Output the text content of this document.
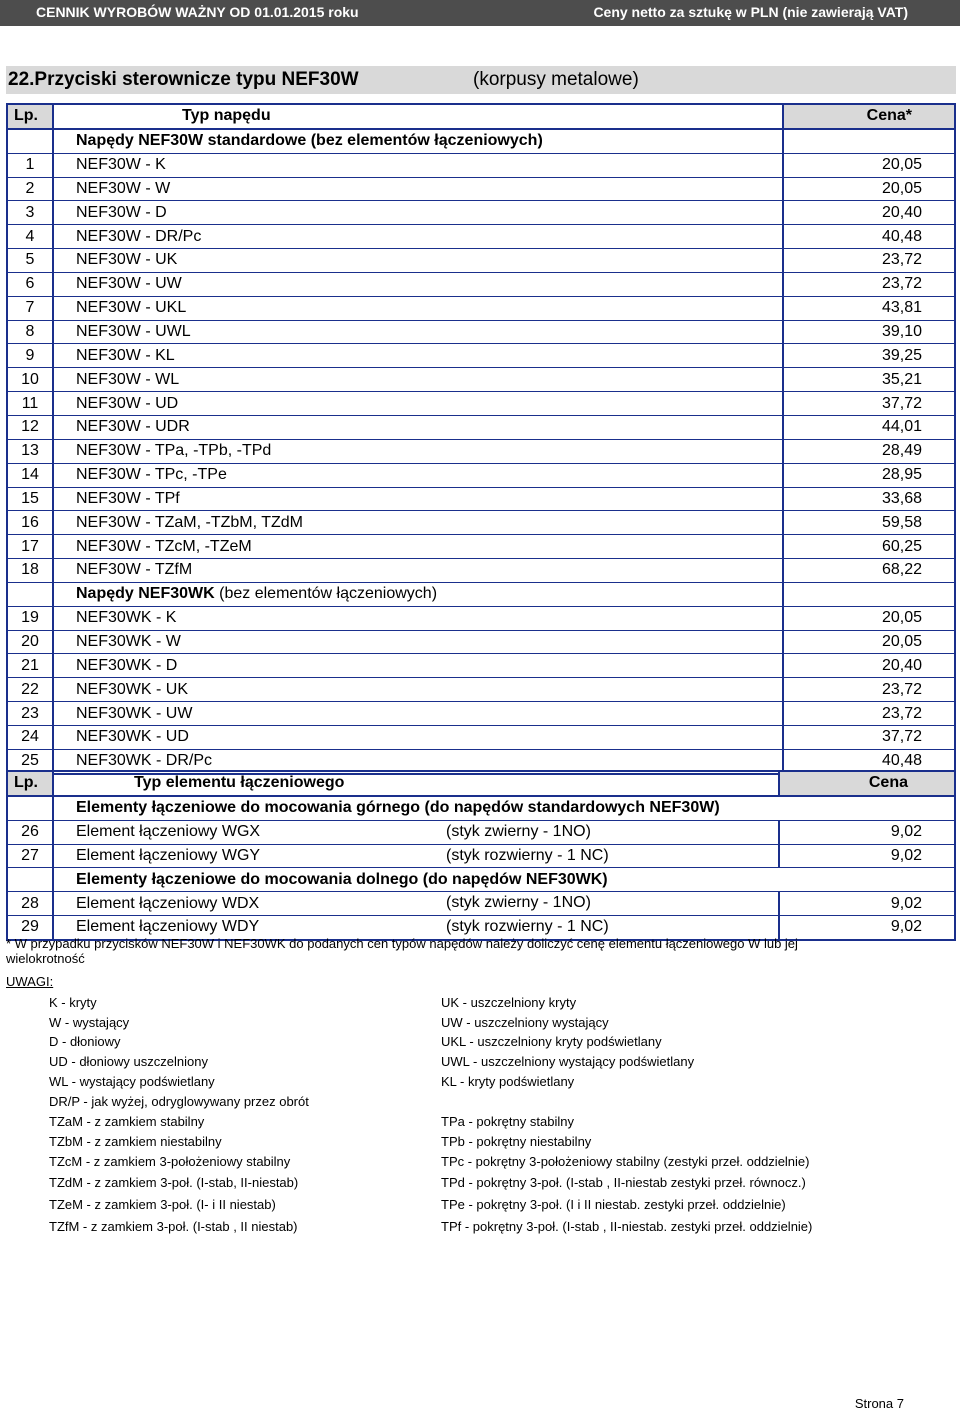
CENNIK WYROBÓW WAŻNY OD 01.01.2015 roku	Ceny netto za sztukę w PLN (nie zawierają VAT)
22.Przyciski sterownicze typu NEF30W	(korpusy metalowe)
Lp.	Typ napędu	Cena*
	Napędy NEF30W standardowe (bez elementów łączeniowych)	
1	NEF30W - K	20,05
2	NEF30W - W	20,05
3	NEF30W - D	20,40
4	NEF30W - DR/Pc	40,48
5	NEF30W - UK	23,72
6	NEF30W - UW	23,72
7	NEF30W - UKL	43,81
8	NEF30W - UWL	39,10
9	NEF30W - KL	39,25
10	NEF30W - WL	35,21
11	NEF30W - UD	37,72
12	NEF30W - UDR	44,01
13	NEF30W - TPa, -TPb, -TPd	28,49
14	NEF30W - TPc, -TPe	28,95
15	NEF30W - TPf	33,68
16	NEF30W - TZaM, -TZbM, TZdM	59,58
17	NEF30W - TZcM, -TZeM	60,25
18	NEF30W - TZfM	68,22
	Napędy NEF30WK (bez elementów łączeniowych)	
19	NEF30WK - K	20,05
20	NEF30WK - W	20,05
21	NEF30WK - D	20,40
22	NEF30WK - UK	23,72
23	NEF30WK - UW	23,72
24	NEF30WK - UD	37,72
25	NEF30WK - DR/Pc	40,48
Lp.	Typ elementu łączeniowego	Cena
	Elementy łączeniowe do mocowania górnego (do napędów standardowych NEF30W)	
26	Element łączeniowy WGX (styk zwierny - 1NO)	9,02
27	Element łączeniowy WGY (styk rozwierny - 1 NC)	9,02
	Elementy łączeniowe do mocowania dolnego (do napędów NEF30WK)	
28	Element łączeniowy WDX (styk zwierny - 1NO)	9,02
29	Element łączeniowy WDY (styk rozwierny - 1 NC)	9,02
* W przypadku przycisków NEF30W i NEF30WK do podanych cen typów napędów należy doliczyć cenę elementu łączeniowego W lub jej
wielokrotność
UWAGI:
K - kryty
W - wystający
D - dłoniowy
UD - dłoniowy uszczelniony
WL - wystający podświetlany
DR/P - jak wyżej, odryglowywany przez obrót
TZaM - z zamkiem stabilny
TZbM - z zamkiem niestabilny
TZcM - z zamkiem 3-położeniowy stabilny
TZdM - z zamkiem 3-poł. (I-stab, II-niestab)
TZeM - z zamkiem 3-poł. (I- i II niestab)
TZfM - z zamkiem 3-poł. (I-stab , II niestab)
UK - uszczelniony kryty
UW - uszczelniony wystający
UKL - uszczelniony kryty podświetlany
UWL - uszczelniony wystający podświetlany
KL - kryty podświetlany
TPa - pokrętny stabilny
TPb - pokrętny niestabilny
TPc - pokrętny 3-położeniowy stabilny (zestyki przeł. oddzielnie)
TPd - pokrętny 3-poł. (I-stab , II-niestab zestyki przeł. równocz.)
TPe - pokrętny 3-poł. (I i II niestab. zestyki przeł. oddzielnie)
TPf - pokrętny 3-poł. (I-stab , II-niestab. zestyki przeł. oddzielnie)
Strona 7
